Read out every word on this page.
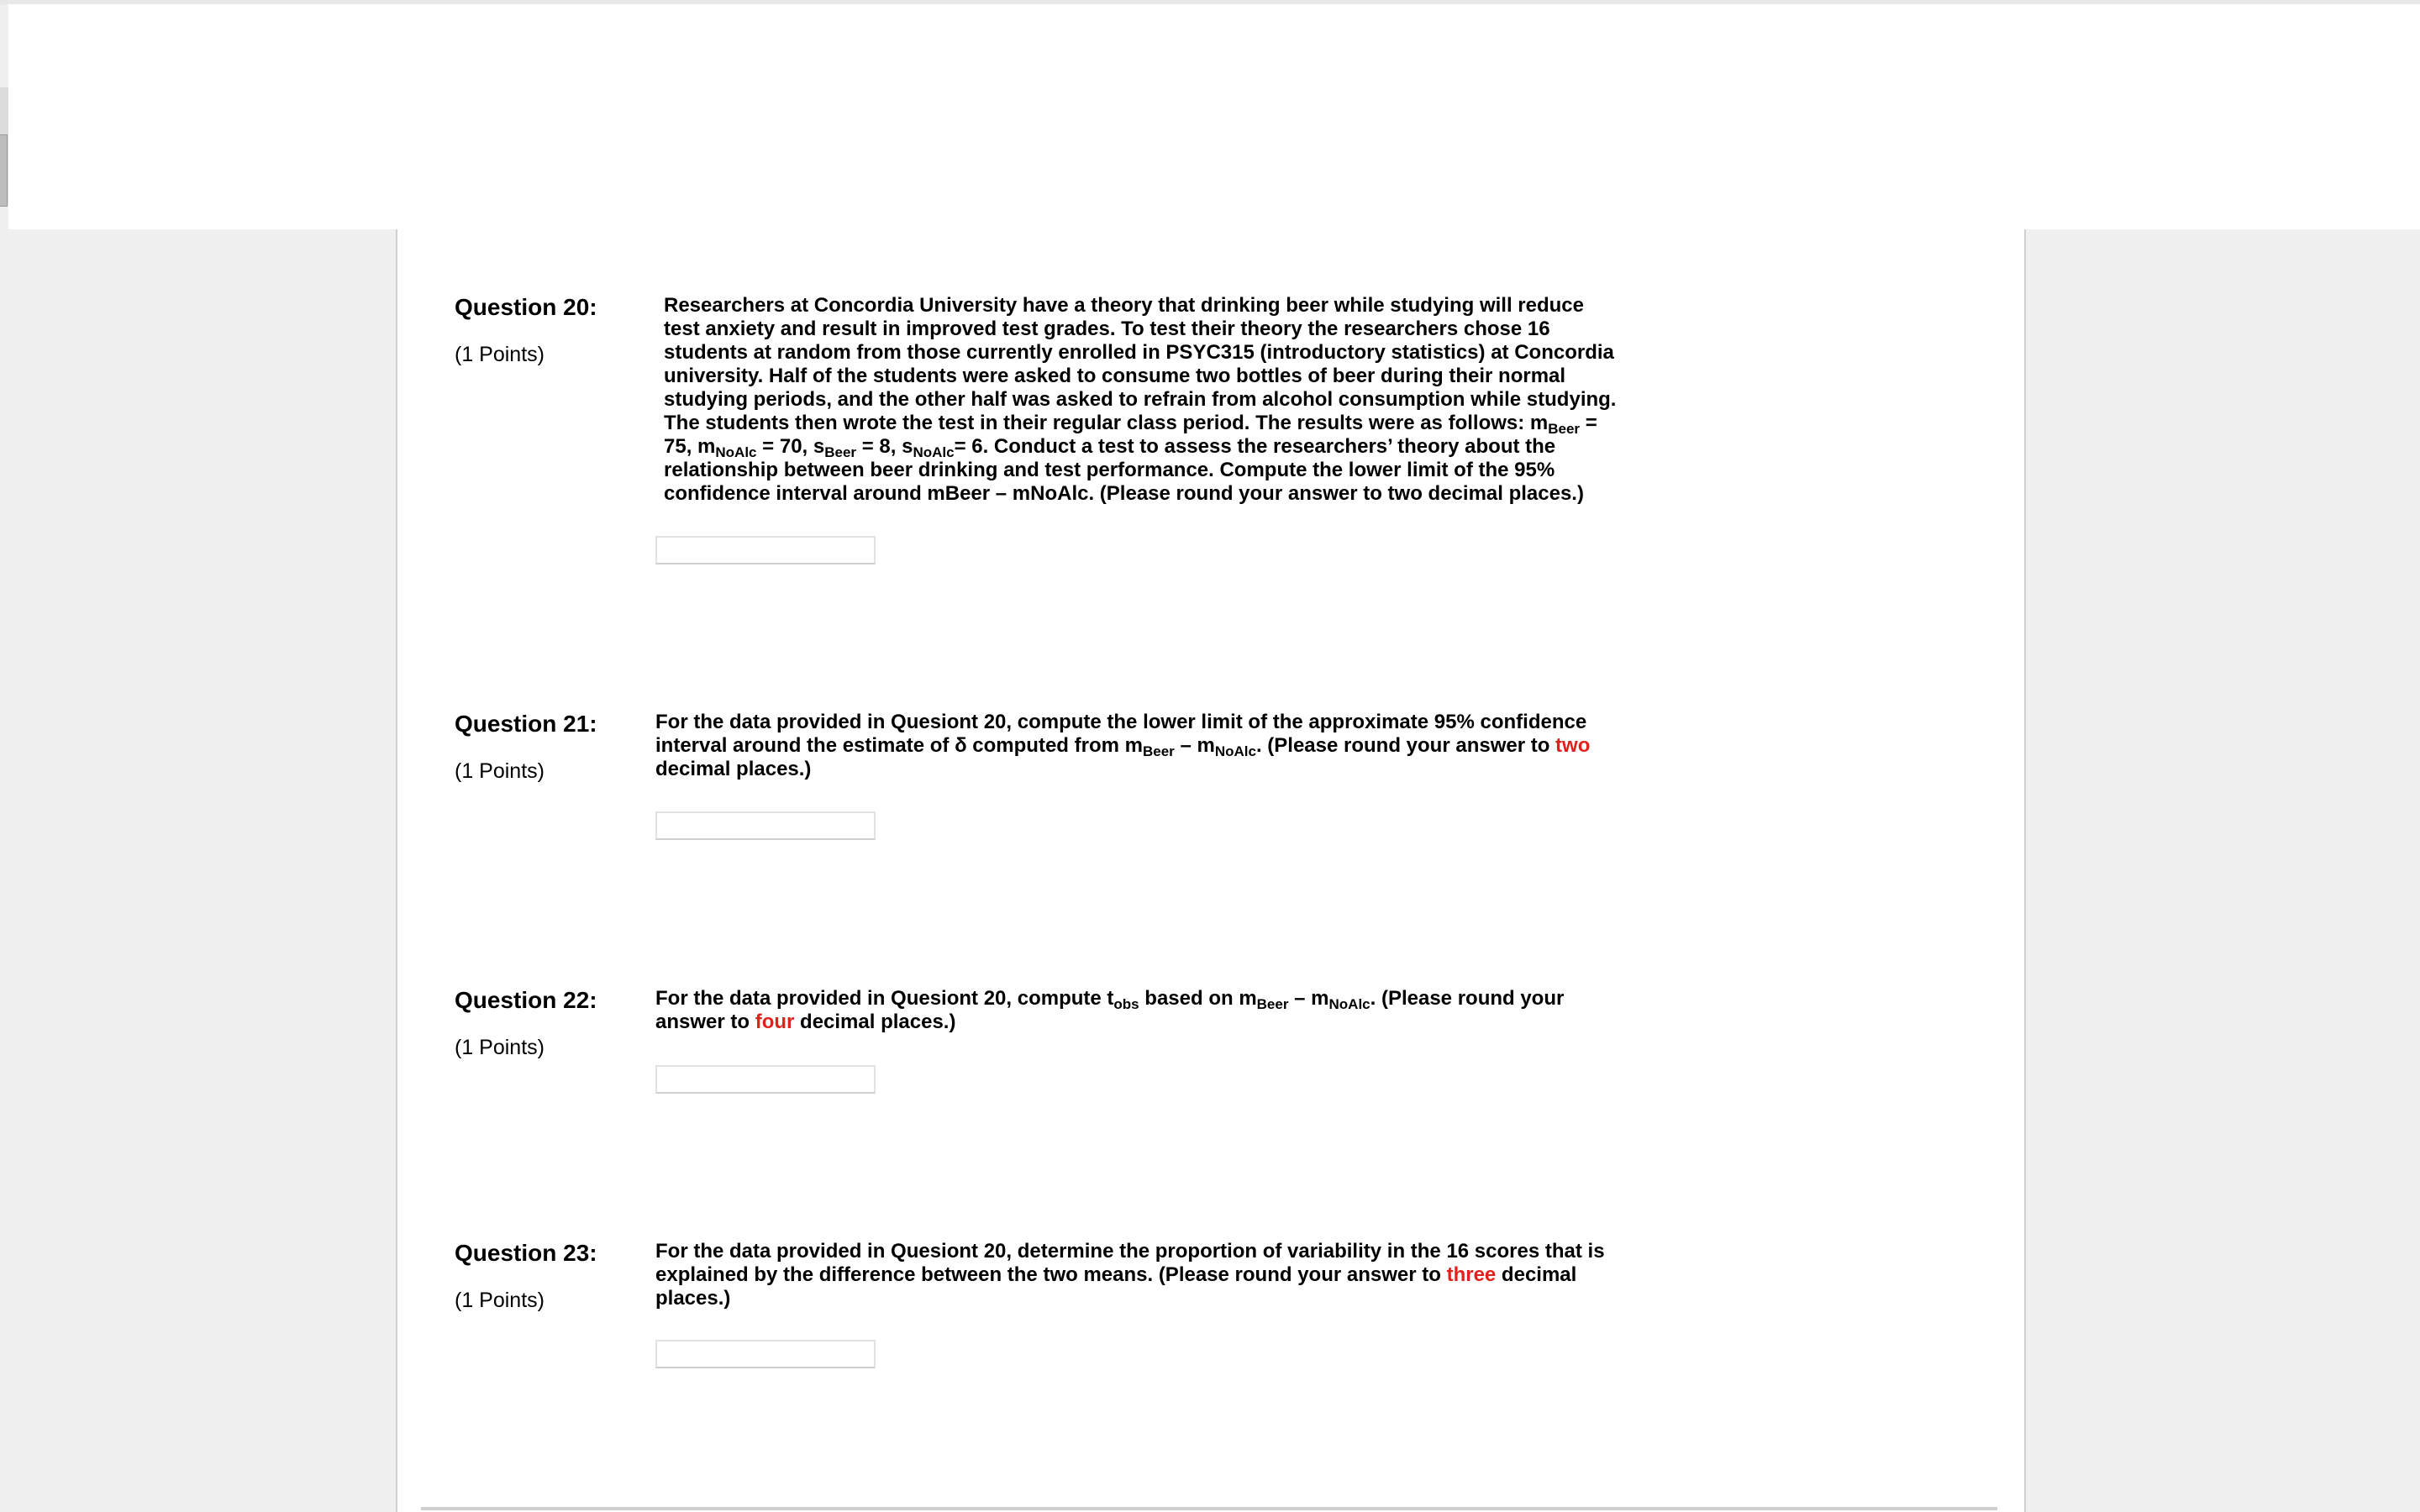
Question 20:
(1 Points)
Researchers at Concordia University have a theory that drinking beer while studying will reduce test anxiety and result in improved test grades. To test their theory the researchers chose 16 students at random from those currently enrolled in PSYC315 (introductory statistics) at Concordia university. Half of the students were asked to consume two bottles of beer during their normal studying periods, and the other half was asked to refrain from alcohol consumption while studying. The students then wrote the test in their regular class period. The results were as follows: $m_{Beer} = 75$, $m_{NoAlc} = 70$, $s_{Beer} = 8$, $s_{NoAlc}= 6$. Conduct a test to assess the researchers’ theory about the relationship between beer drinking and test performance. Compute the lower limit of the 95% confidence interval around mBeer – mNoAlc. (Please round your answer to two decimal places.)
Question 21:
(1 Points)
For the data provided in Quesiont 20, compute the lower limit of the approximate 95% confidence interval around the estimate of δ computed from $m_{Beer} - m_{NoAlc}$. (Please round your answer to two decimal places.)
Question 22:
(1 Points)
For the data provided in Quesiont 20, compute $t_{obs}$ based on $m_{Beer} - m_{NoAlc}$. (Please round your answer to four decimal places.)
Question 23:
(1 Points)
For the data provided in Quesiont 20, determine the proportion of variability in the 16 scores that is explained by the difference between the two means. (Please round your answer to three decimal places.)
